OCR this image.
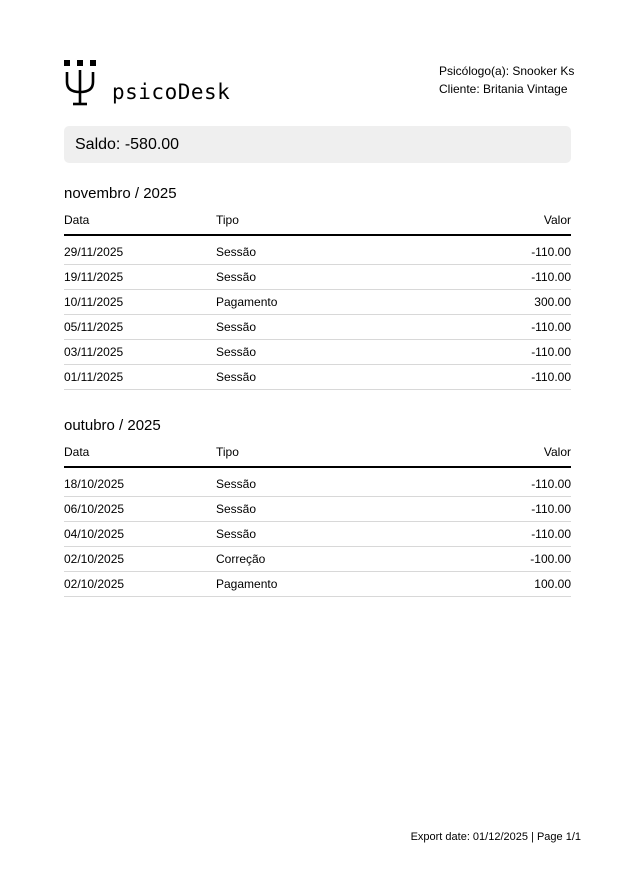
psicoDesk
Psicólogo(a): Snooker Ks
Cliente: Britania Vintage
Saldo: -580.00
novembro / 2025
Data	Tipo	Valor
29/11/2025	Sessão	-110.00
19/11/2025	Sessão	-110.00
10/11/2025	Pagamento	300.00
05/11/2025	Sessão	-110.00
03/11/2025	Sessão	-110.00
01/11/2025	Sessão	-110.00
outubro / 2025
Data	Tipo	Valor
18/10/2025	Sessão	-110.00
06/10/2025	Sessão	-110.00
04/10/2025	Sessão	-110.00
02/10/2025	Correção	-100.00
02/10/2025	Pagamento	100.00
Export date: 01/12/2025 | Page 1/1
